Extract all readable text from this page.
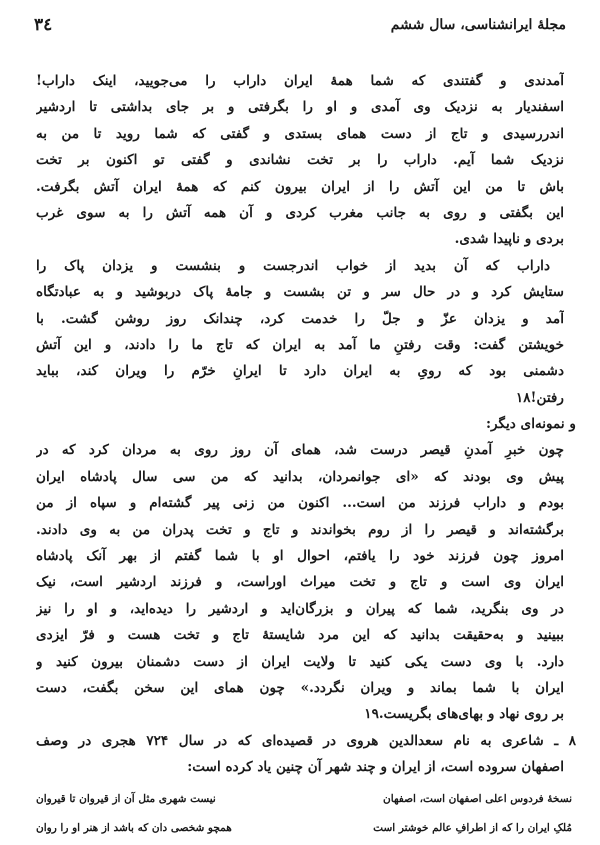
٣٤	مجلهٔ ایرانشناسی، سال ششم
آمدندی و گفتندی که شما همهٔ ایران داراب را می‌جویید، اینک داراب!
اسفندیار به نزدیک وی آمدی و او را بگرفتی و بر جای بداشتی تا اردشیر
اندررسیدی و تاج از دست همای بستدی و گفتی که شما روید تا من به
نزدیک شما آیم. داراب را بر تخت نشاندی و گفتی تو اکنون بر تخت
باش تا من این آتش را از ایران بیرون کنم که همهٔ ایران آتش بگرفت.
این بگفتی و روی به جانب مغرب کردی و آن همه آتش را به سوی غرب
بردی و ناپیدا شدی.
داراب که آن بدید از خواب اندرجست و بنشست و یزدان پاک را
ستایش کرد و در حال سر و تن بشست و جامهٔ پاک دربوشید و به عبادتگاه
آمد و یزدان عزّ و جلّ را خدمت کرد، چندانک روز روشن گشت. با
خویشتن گفت: وقت رفتنِ ما آمد به ایران که تاج ما را دادند، و این آتش
دشمنی بود که رویِ به ایران دارد تا ایرانِ خرّم را ویران کند، بباید
رفتن!۱۸
و نمونه‌ای دیگر:
چون خبرِ آمدنِ قیصر درست شد، همای آن روز روی به مردان کرد که در
پیش وی بودند که «ای جوانمردان، بدانید که من سی سال پادشاه ایران
بودم و داراب فرزند من است... اکنون من زنی پیر گشته‌ام و سپاه از من
برگشته‌اند و قیصر را از روم بخواندند و تاج و تخت پدران من به وی دادند.
امروز چون فرزند خود را یافتم، احوال او با شما گفتم از بهر آنک پادشاه
ایران وی است و تاج و تخت میراث اوراست، و فرزند اردشیر است، نیک
در وی بنگرید، شما که پیران و بزرگان‌اید و اردشیر را دیده‌اید، و او را نیز
ببینید و به‌حقیقت بدانید که این مرد شایستهٔ تاج و تخت هست و فرّ ایزدی
دارد. با وی دست یکی کنید تا ولایت ایران از دست دشمنان بیرون کنید و
ایران با شما بماند و ویران نگردد.» چون همای این سخن بگفت، دست
بر روی نهاد و بهای‌های بگریست.۱۹
۸ ـ شاعری به نام سعدالدین هروی در قصیده‌ای که در سال ۷۲۴ هجری در وصف
اصفهان سروده است، از ایران و چند شهر آن چنین یاد کرده است:
نسخهٔ فردوس اعلی اصفهان است، اصفهان
نیست شهری مثل آن از قیروان تا قیروان
مُلکِ ایران را که از اطرافِ عالم خوشتر است
همچو شخصی دان که باشد از هنر او را روان
